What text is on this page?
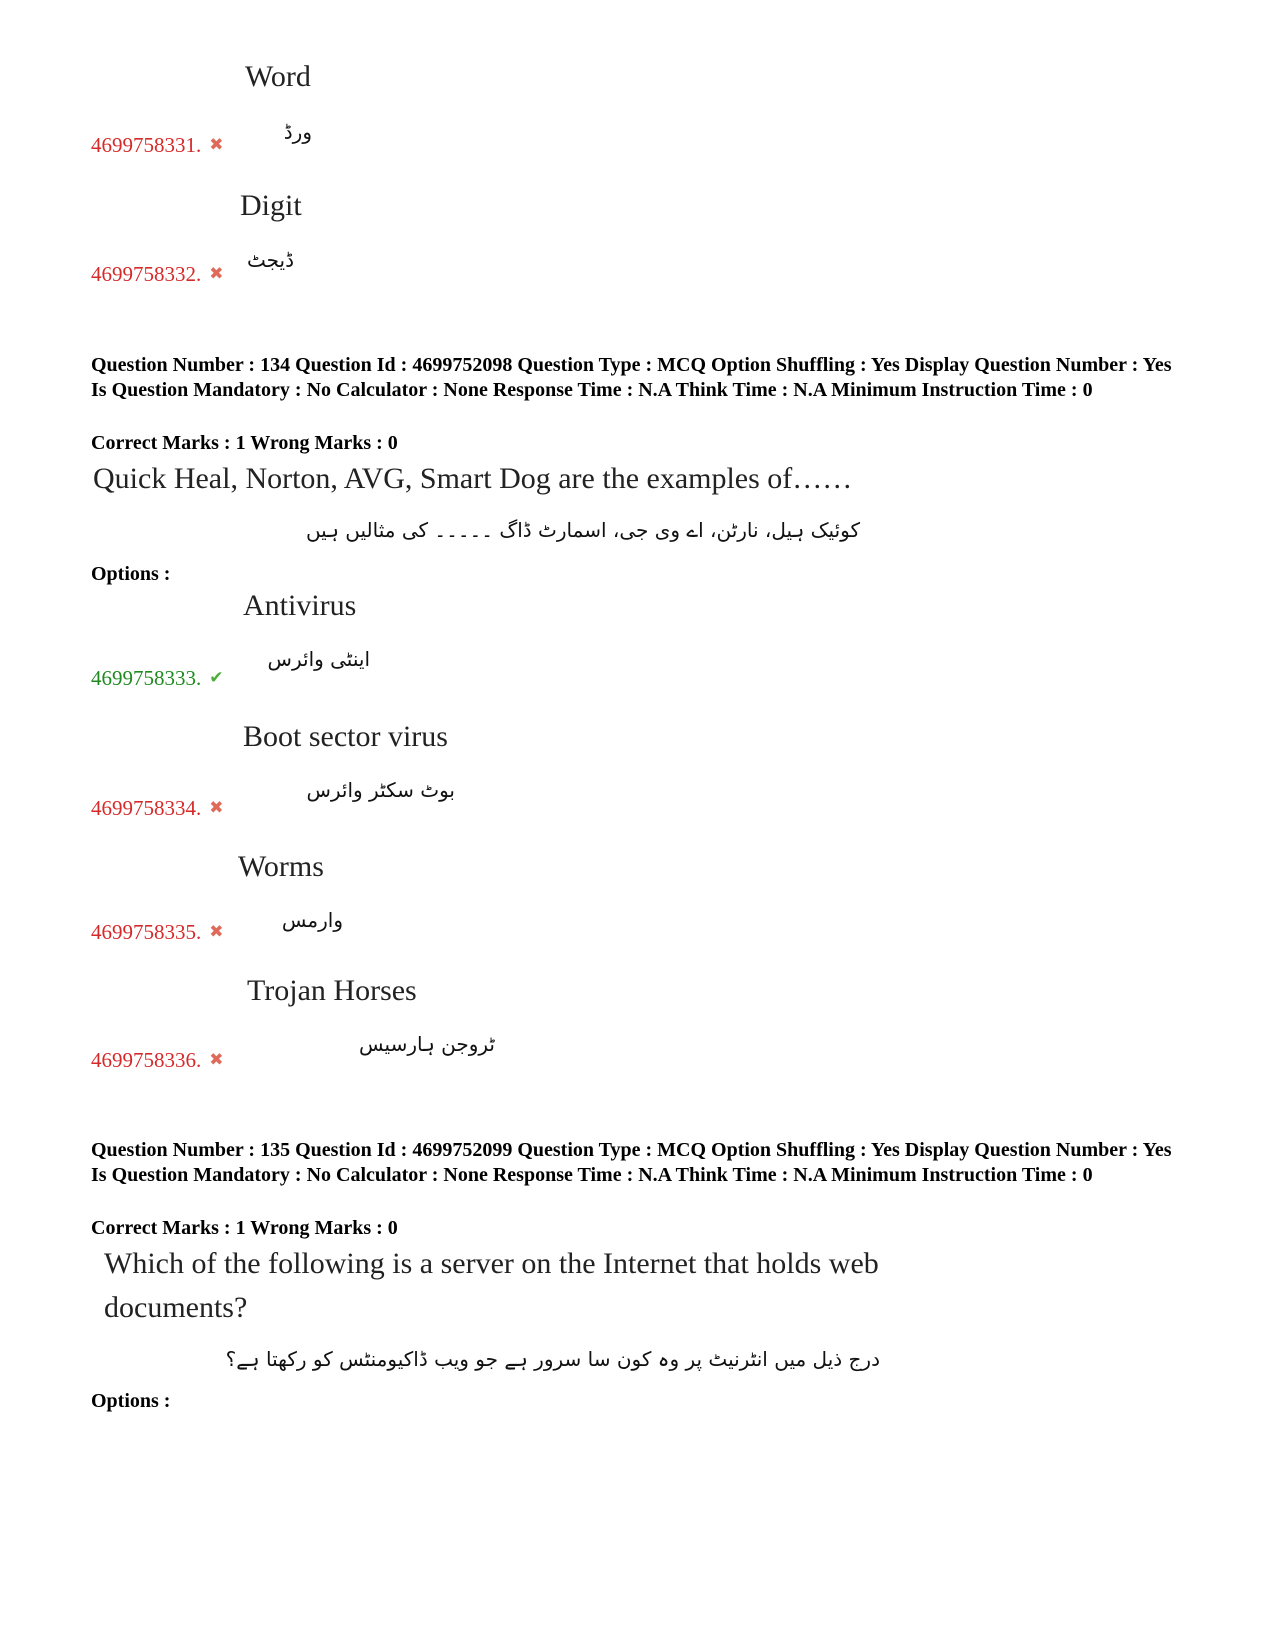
Word
ورڈ
4699758331. ✖
Digit
ڈیجٹ
4699758332. ✖
Question Number : 134 Question Id : 4699752098 Question Type : MCQ Option Shuffling : Yes Display Question Number : Yes Is Question Mandatory : No Calculator : None Response Time : N.A Think Time : N.A Minimum Instruction Time : 0
Correct Marks : 1 Wrong Marks : 0
Quick Heal, Norton, AVG, Smart Dog are the examples of……
کوئیک ہیل، نارٹن، اے وی جی، اسمارٹ ڈاگ ۔۔۔۔۔ کی مثالیں ہیں
Options :
Antivirus
اینٹی وائرس
4699758333. ✔
Boot sector virus
بوٹ سکٹر وائرس
4699758334. ✖
Worms
وارمس
4699758335. ✖
Trojan Horses
ٹروجن ہارسیس
4699758336. ✖
Question Number : 135 Question Id : 4699752099 Question Type : MCQ Option Shuffling : Yes Display Question Number : Yes Is Question Mandatory : No Calculator : None Response Time : N.A Think Time : N.A Minimum Instruction Time : 0
Correct Marks : 1 Wrong Marks : 0
Which of the following is a server on the Internet that holds web documents?
درج ذیل میں انٹرنیٹ پر وہ کون سا سرور ہے جو ویب ڈاکیومنٹس کو رکھتا ہے؟
Options :
